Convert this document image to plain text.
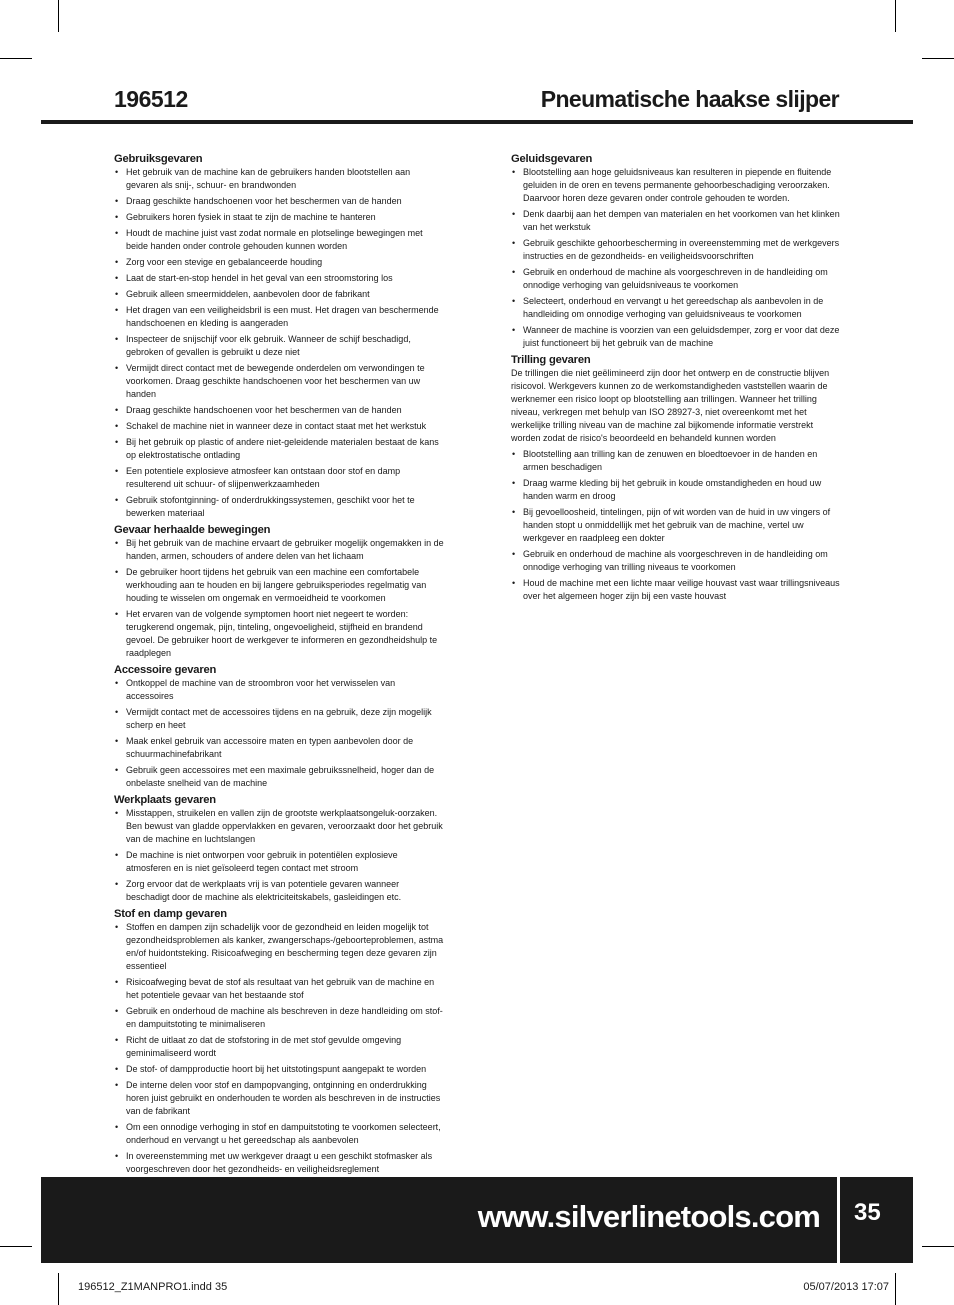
196512	Pneumatische haakse slijper
Gebruiksgevaren
• Het gebruik van de machine kan de gebruikers handen blootstellen aan gevaren als snij-, schuur- en brandwonden
• Draag geschikte handschoenen voor het beschermen van de handen
• Gebruikers horen fysiek in staat te zijn de machine te hanteren
• Houdt de machine juist vast zodat normale en plotselinge bewegingen met beide handen onder controle gehouden kunnen worden
• Zorg voor een stevige en gebalanceerde houding
• Laat de start-en-stop hendel in het geval van een stroomstoring los
• Gebruik alleen smeermiddelen, aanbevolen door de fabrikant
• Het dragen van een veiligheidsbril is een must. Het dragen van beschermende handschoenen en kleding is aangeraden
• Inspecteer de snijschijf voor elk gebruik. Wanneer de schijf beschadigd, gebroken of gevallen is gebruikt u deze niet
• Vermijdt direct contact met de bewegende onderdelen om verwondingen te voorkomen. Draag geschikte handschoenen voor het beschermen van uw handen
• Draag geschikte handschoenen voor het beschermen van de handen
• Schakel de machine niet in wanneer deze in contact staat met het werkstuk
• Bij het gebruik op plastic of andere niet-geleidende materialen bestaat de kans op elektrostatische ontlading
• Een potentiele explosieve atmosfeer kan ontstaan door stof en damp resulterend uit schuur- of slijpenwerkzaamheden
• Gebruik stofontginning- of onderdrukkingssystemen, geschikt voor het te bewerken materiaal
Gevaar herhaalde bewegingen
• Bij het gebruik van de machine ervaart de gebruiker mogelijk ongemakken in de handen, armen, schouders of andere delen van het lichaam
• De gebruiker hoort tijdens het gebruik van een machine een comfortabele werkhouding aan te houden en bij langere gebruiksperiodes regelmatig van houding te wisselen om ongemak en vermoeidheid te voorkomen
• Het ervaren van de volgende symptomen hoort niet negeert te worden: terugkerend ongemak, pijn, tinteling, ongevoeligheid, stijfheid en brandend gevoel. De gebruiker hoort de werkgever te informeren en gezondheidshulp te raadplegen
Accessoire gevaren
• Ontkoppel de machine van de stroombron voor het verwisselen van accessoires
• Vermijdt contact met de accessoires tijdens en na gebruik, deze zijn mogelijk scherp en heet
• Maak enkel gebruik van accessoire maten en typen aanbevolen door de schuurmachinefabrikant
• Gebruik geen accessoires met een maximale gebruikssnelheid, hoger dan de onbelaste snelheid van de machine
Werkplaats gevaren
• Misstappen, struikelen en vallen zijn de grootste werkplaatsongeluk-oorzaken. Ben bewust van gladde oppervlakken en gevaren, veroorzaakt door het gebruik van de machine en luchtslangen
• De machine is niet ontworpen voor gebruik in potentiëlen explosieve atmosferen en is niet geïsoleerd tegen contact met stroom
• Zorg ervoor dat de werkplaats vrij is van potentiele gevaren wanneer beschadigt door de machine als elektriciteitskabels, gasleidingen etc.
Stof en damp gevaren
• Stoffen en dampen zijn schadelijk voor de gezondheid en leiden mogelijk tot gezondheidsproblemen als kanker, zwangerschaps-/geboorteproblemen, astma en/of huidontsteking. Risicoafweging en bescherming tegen deze gevaren zijn essentieel
• Risicoafweging bevat de stof als resultaat van het gebruik van de machine en het potentiele gevaar van het bestaande stof
• Gebruik en onderhoud de machine als beschreven in deze handleiding om stof- en dampuitstoting te minimaliseren
• Richt de uitlaat zo dat de stofstoring in de met stof gevulde omgeving geminimaliseerd wordt
• De stof- of dampproductie hoort bij het uitstotingspunt aangepakt te worden
• De interne delen voor stof en dampopvanging, ontginning en onderdrukking horen juist gebruikt en onderhouden te worden als beschreven in de instructies van de fabrikant
• Om een onnodige verhoging in stof en dampuitstoting te voorkomen selecteert, onderhoud en vervangt u het gereedschap als aanbevolen
• In overeenstemming met uw werkgever draagt u een geschikt stofmasker als voorgeschreven door het gezondheids- en veiligheidsreglement
Geluidsgevaren
• Blootstelling aan hoge geluidsniveaus kan resulteren in piepende en fluitende geluiden in de oren en tevens permanente gehoorbeschadiging veroorzaken. Daarvoor horen deze gevaren onder controle gehouden te worden.
• Denk daarbij aan het dempen van materialen en het voorkomen van het klinken van het werkstuk
• Gebruik geschikte gehoorbescherming in overeenstemming met de werkgevers instructies en de gezondheids- en veiligheidsvoorschriften
• Gebruik en onderhoud de machine als voorgeschreven in de handleiding om onnodige verhoging van geluidsniveaus te voorkomen
• Selecteert, onderhoud en vervangt u het gereedschap als aanbevolen in de handleiding om onnodige verhoging van geluidsniveaus te voorkomen
• Wanneer de machine is voorzien van een geluidsdemper, zorg er voor dat deze juist functioneert bij het gebruik van de machine
Trilling gevaren

De trillingen die niet geëlimineerd zijn door het ontwerp en de constructie blijven risicovol. Werkgevers kunnen zo de werkomstandigheden vaststellen waarin de werknemer een risico loopt op blootstelling aan trillingen. Wanneer het trilling niveau, verkregen met behulp van ISO 28927-3, niet overeenkomt met het werkelijke trilling niveau van de machine zal bijkomende informatie verstrekt worden zodat de risico's beoordeeld en behandeld kunnen worden

• Blootstelling aan trilling kan de zenuwen en bloedtoevoer in de handen en armen beschadigen
• Draag warme kleding bij het gebruik in koude omstandigheden en houd uw handen warm en droog
• Bij gevoelloosheid, tintelingen, pijn of wit worden van de huid in uw vingers of handen stopt u onmiddellijk met het gebruik van de machine, vertel uw werkgever en raadpleeg een dokter
• Gebruik en onderhoud de machine als voorgeschreven in de handleiding om onnodige verhoging van trilling niveaus te voorkomen
• Houd de machine met een lichte maar veilige houvast vast waar trillingsniveaus over het algemeen hoger zijn bij een vaste houvast
www.silverlinetools.com 35
196512_Z1MANPRO1.indd 35	05/07/2013 17:07
